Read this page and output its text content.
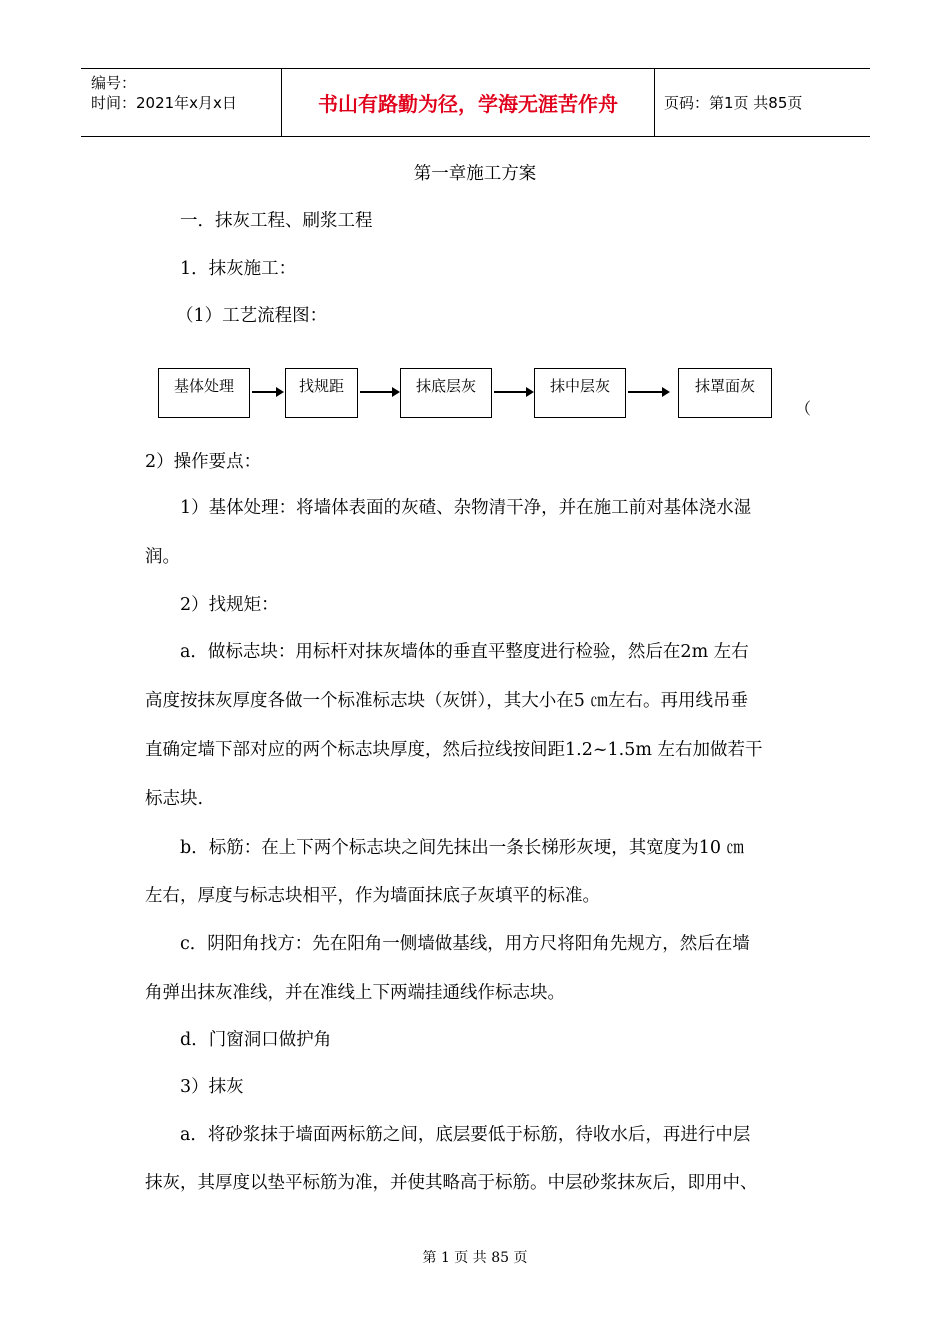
编号：
时间：2021年x月x日	书山有路勤为径，学海无涯苦作舟	页码：第1页 共85页
第一章施工方案
一．抹灰工程、刷浆工程
1．抹灰施工：
（1）工艺流程图：
基体处理	找规距	抹底层灰	抹中层灰	抹罩面灰
（
2）操作要点：
1）基体处理：将墙体表面的灰碴、杂物清干净，并在施工前对基体浇水湿
润。
2）找规矩：
a．做标志块：用标杆对抹灰墙体的垂直平整度进行检验，然后在2m 左右
高度按抹灰厚度各做一个标准标志块（灰饼），其大小在5 ㎝左右。再用线吊垂
直确定墙下部对应的两个标志块厚度，然后拉线按间距1.2~1.5m 左右加做若干
标志块.
b．标筋：在上下两个标志块之间先抹出一条长梯形灰埂，其宽度为10 ㎝
左右，厚度与标志块相平，作为墙面抹底子灰填平的标准。
c．阴阳角找方：先在阳角一侧墙做基线，用方尺将阳角先规方，然后在墙
角弹出抹灰准线，并在准线上下两端挂通线作标志块。
d．门窗洞口做护角
3）抹灰
a．将砂浆抹于墙面两标筋之间，底层要低于标筋，待收水后，再进行中层
抹灰，其厚度以垫平标筋为准，并使其略高于标筋。中层砂浆抹灰后，即用中、
第 1 页 共 85 页
